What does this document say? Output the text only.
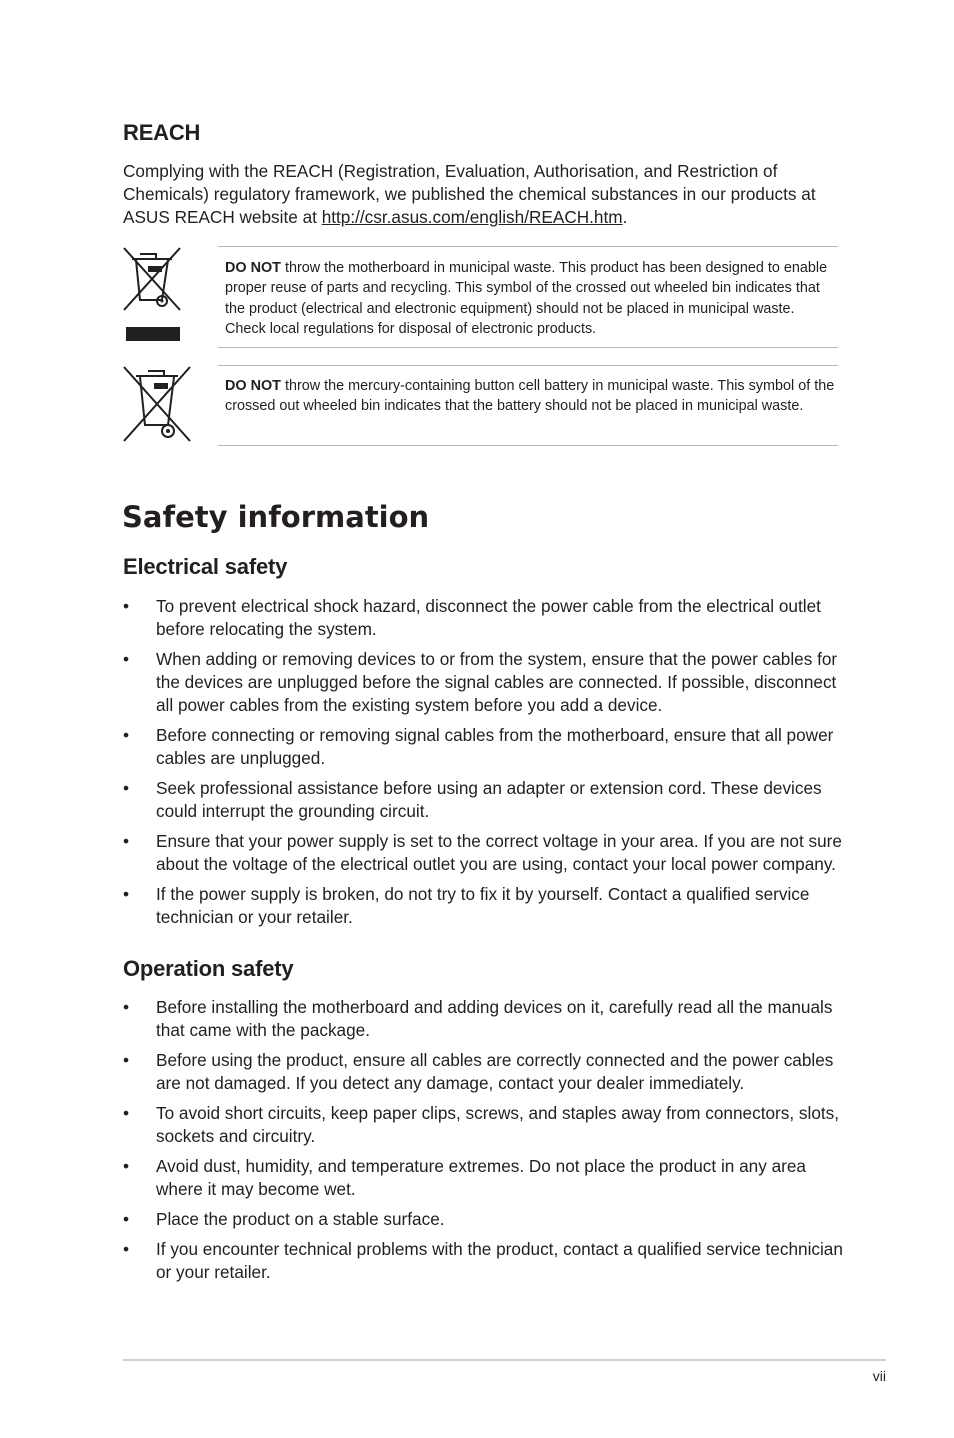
REACH

Complying with the REACH (Registration, Evaluation, Authorisation, and Restriction of Chemicals) regulatory framework, we published the chemical substances in our products at ASUS REACH website at http://csr.asus.com/english/REACH.htm.

DO NOT throw the motherboard in municipal waste. This product has been designed to enable proper reuse of parts and recycling. This symbol of the crossed out wheeled bin indicates that the product (electrical and electronic equipment) should not be placed in municipal waste. Check local regulations for disposal of electronic products.

DO NOT throw the mercury-containing button cell battery in municipal waste. This symbol of the crossed out wheeled bin indicates that the battery should not be placed in municipal waste.

Safety information
Electrical safety
• To prevent electrical shock hazard, disconnect the power cable from the electrical outlet before relocating the system.
• When adding or removing devices to or from the system, ensure that the power cables for the devices are unplugged before the signal cables are connected. If possible, disconnect all power cables from the existing system before you add a device.
• Before connecting or removing signal cables from the motherboard, ensure that all power cables are unplugged.
• Seek professional assistance before using an adapter or extension cord. These devices could interrupt the grounding circuit.
• Ensure that your power supply is set to the correct voltage in your area. If you are not sure about the voltage of the electrical outlet you are using, contact your local power company.
• If the power supply is broken, do not try to fix it by yourself. Contact a qualified service technician or your retailer.
Operation safety
• Before installing the motherboard and adding devices on it, carefully read all the manuals that came with the package.
• Before using the product, ensure all cables are correctly connected and the power cables are not damaged. If you detect any damage, contact your dealer immediately.
• To avoid short circuits, keep paper clips, screws, and staples away from connectors, slots, sockets and circuitry.
• Avoid dust, humidity, and temperature extremes. Do not place the product in any area where it may become wet.
• Place the product on a stable surface.
• If you encounter technical problems with the product, contact a qualified service technician or your retailer.
vii
